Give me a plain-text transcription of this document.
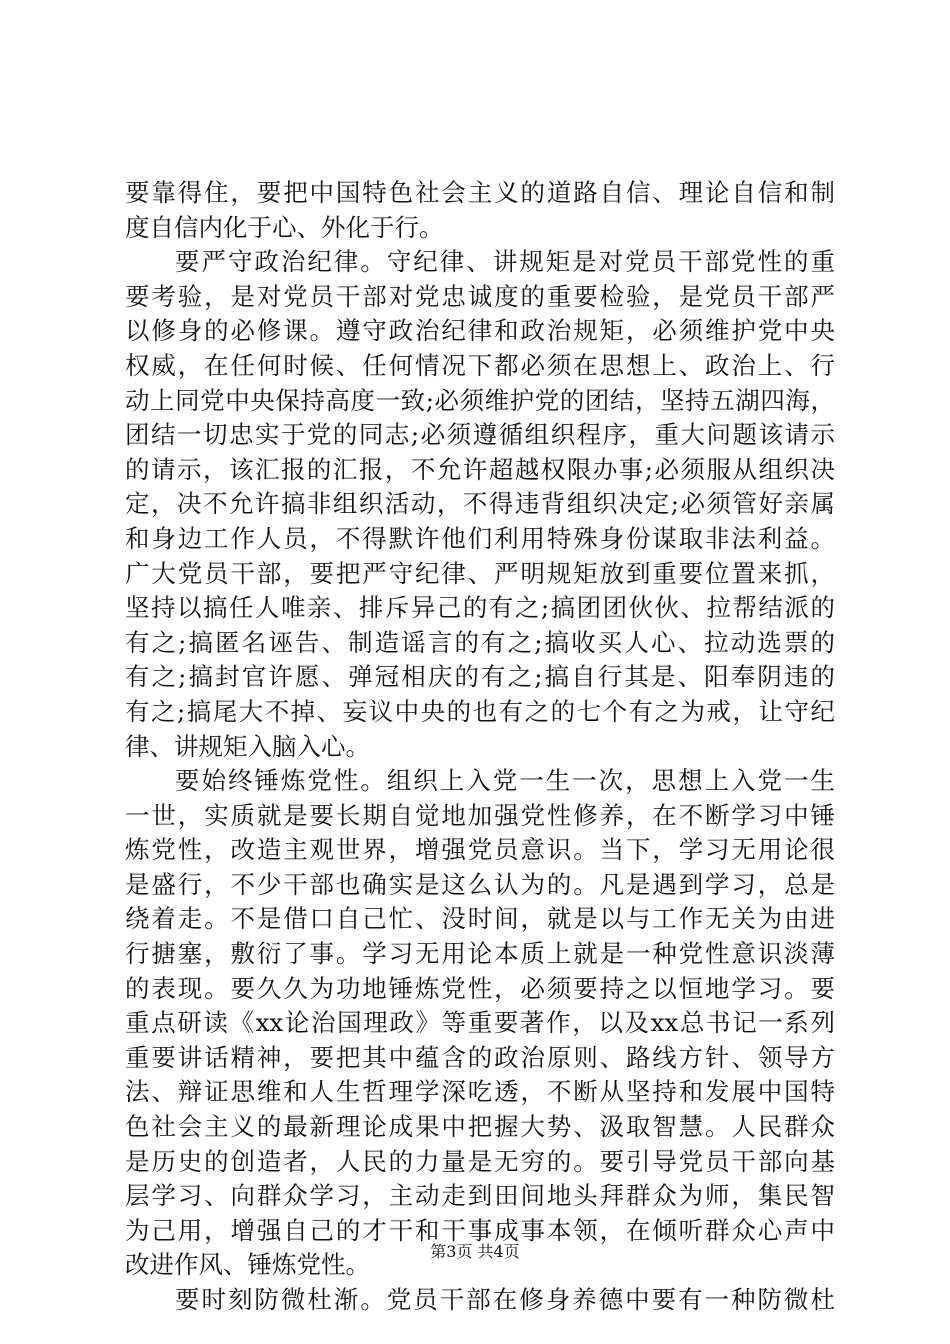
要靠得住，要把中国特色社会主义的道路自信、理论自信和制
度自信内化于心、外化于行。
要严守政治纪律。守纪律、讲规矩是对党员干部党性的重
要考验，是对党员干部对党忠诚度的重要检验，是党员干部严
以修身的必修课。遵守政治纪律和政治规矩，必须维护党中央
权威，在任何时候、任何情况下都必须在思想上、政治上、行
动上同党中央保持高度一致;必须维护党的团结，坚持五湖四海，
团结一切忠实于党的同志;必须遵循组织程序，重大问题该请示
的请示，该汇报的汇报，不允许超越权限办事;必须服从组织决
定，决不允许搞非组织活动，不得违背组织决定;必须管好亲属
和身边工作人员，不得默许他们利用特殊身份谋取非法利益。
广大党员干部，要把严守纪律、严明规矩放到重要位置来抓，
坚持以搞任人唯亲、排斥异己的有之;搞团团伙伙、拉帮结派的
有之;搞匿名诬告、制造谣言的有之;搞收买人心、拉动选票的
有之;搞封官许愿、弹冠相庆的有之;搞自行其是、阳奉阴违的
有之;搞尾大不掉、妄议中央的也有之的七个有之为戒，让守纪
律、讲规矩入脑入心。
要始终锤炼党性。组织上入党一生一次，思想上入党一生
一世，实质就是要长期自觉地加强党性修养，在不断学习中锤
炼党性，改造主观世界，增强党员意识。当下，学习无用论很
是盛行，不少干部也确实是这么认为的。凡是遇到学习，总是
绕着走。不是借口自己忙、没时间，就是以与工作无关为由进
行搪塞，敷衍了事。学习无用论本质上就是一种党性意识淡薄
的表现。要久久为功地锤炼党性，必须要持之以恒地学习。要
重点研读《xx论治国理政》等重要著作，以及xx总书记一系列
重要讲话精神，要把其中蕴含的政治原则、路线方针、领导方
法、辩证思维和人生哲理学深吃透，不断从坚持和发展中国特
色社会主义的最新理论成果中把握大势、汲取智慧。人民群众
是历史的创造者，人民的力量是无穷的。要引导党员干部向基
层学习、向群众学习，主动走到田间地头拜群众为师，集民智
为己用，增强自己的才干和干事成事本领，在倾听群众心声中
改进作风、锤炼党性。
要时刻防微杜渐。党员干部在修身养德中要有一种防微杜
第3页 共4页
